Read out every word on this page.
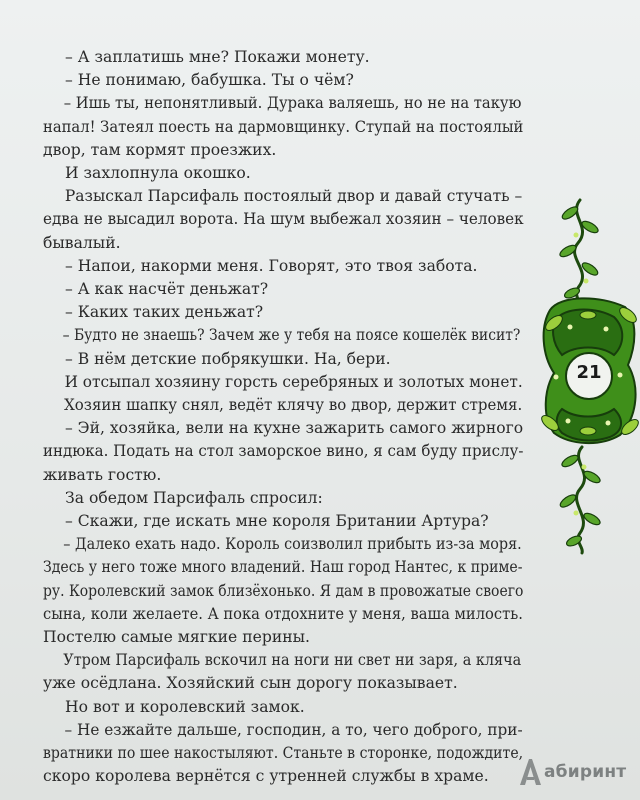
– А заплатишь мне? Покажи монету.
– Не понимаю, бабушка. Ты о чём?
– Ишь ты, непонятливый. Дурака валяешь, но не на такую
напал! Затеял поесть на дармовщинку. Ступай на постоялый
двор, там кормят проезжих.
И захлопнула окошко.
Разыскал Парсифаль постоялый двор и давай стучать –
едва не высадил ворота. На шум выбежал хозяин – человек
бывалый.
– Напои, накорми меня. Говорят, это твоя забота.
– А как насчёт деньжат?
– Каких таких деньжат?
– Будто не знаешь? Зачем же у тебя на поясе кошелёк висит?
– В нём детские побрякушки. На, бери.
И отсыпал хозяину горсть серебряных и золотых монет.
Хозяин шапку снял, ведёт клячу во двор, держит стремя.
– Эй, хозяйка, вели на кухне зажарить самого жирного
индюка. Подать на стол заморское вино, я сам буду прислу-
живать гостю.
За обедом Парсифаль спросил:
– Скажи, где искать мне короля Британии Артура?
– Далеко ехать надо. Король соизволил прибыть из-за моря.
Здесь у него тоже много владений. Наш город Нантес, к приме-
ру. Королевский замок близёхонько. Я дам в провожатые своего
сына, коли желаете. А пока отдохните у меня, ваша милость.
Постелю самые мягкие перины.
Утром Парсифаль вскочил на ноги ни свет ни заря, а кляча
уже осёдлана. Хозяйский сын дорогу показывает.
Но вот и королевский замок.
– Не езжайте дальше, господин, а то, чего доброго, при-
вратники по шее накостыляют. Станьте в сторонке, подождите,
скоро королева вернётся с утренней службы в храме.
21
абиринт
